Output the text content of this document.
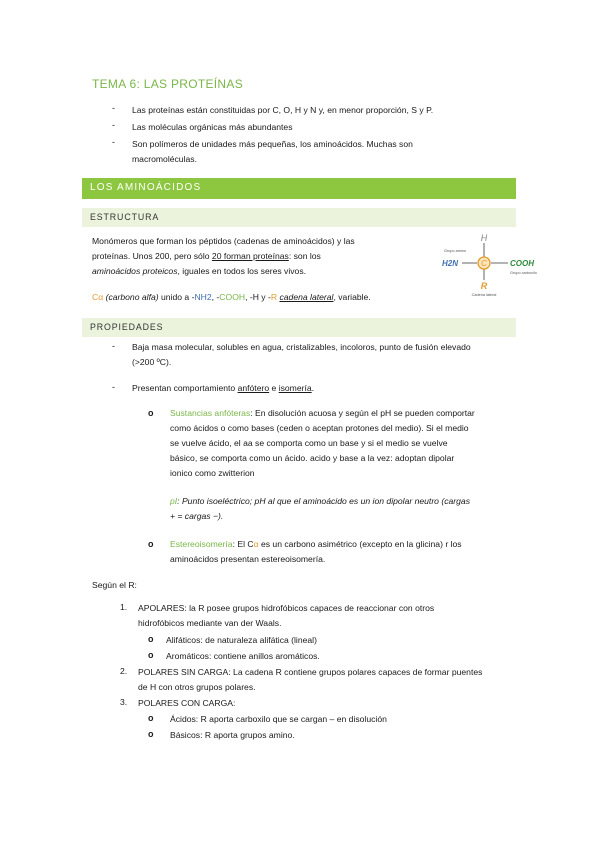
TEMA 6: LAS PROTEÍNAS
- Las proteínas están constituidas por C, O, H y N y, en menor proporción, S y P.
- Las moléculas orgánicas más abundantes
- Son polímeros de unidades más pequeñas, los aminoácidos. Muchas son
macromoléculas.
LOS AMINOÁCIDOS
ESTRUCTURA
Monómeros que forman los péptidos (cadenas de aminoácidos) y las
proteínas. Unos 200, pero sólo 20 forman proteínas: son los
aminoácidos proteicos, iguales en todos los seres vivos.
Cα (carbono alfa) unido a -NH2, -COOH, -H y -R cadena lateral, variable.
C
H
H2N	COOH
R
Grupo amino
Grupo carboxilo
Cadena lateral
PROPIEDADES
- Baja masa molecular, solubles en agua, cristalizables, incoloros, punto de fusión elevado
(>200 ºC).
- Presentan comportamiento anfótero e isomería.
o Sustancias anfóteras: En disolución acuosa y según el pH se pueden comportar
como ácidos o como bases (ceden o aceptan protones del medio). Si el medio
se vuelve ácido, el aa se comporta como un base y si el medio se vuelve
básico, se comporta como un ácido. acido y base a la vez: adoptan dipolar
ionico como zwitterion
pI: Punto isoeléctrico; pH al que el aminoácido es un ion dipolar neutro (cargas
+ = cargas −).
o Estereoisomería: El Cα es un carbono asimétrico (excepto en la glicina) r los
aminoácidos presentan estereoisomería.
Según el R:
1. APOLARES: la R posee grupos hidrofóbicos capaces de reaccionar con otros
hidrofóbicos mediante van der Waals.
o Alifáticos: de naturaleza alifática (lineal)
o Aromáticos: contiene anillos aromáticos.
2. POLARES SIN CARGA: La cadena R contiene grupos polares capaces de formar puentes
de H con otros grupos polares.
3. POLARES CON CARGA:
o Ácidos: R aporta carboxilo que se cargan – en disolución
o Básicos: R aporta grupos amino.
